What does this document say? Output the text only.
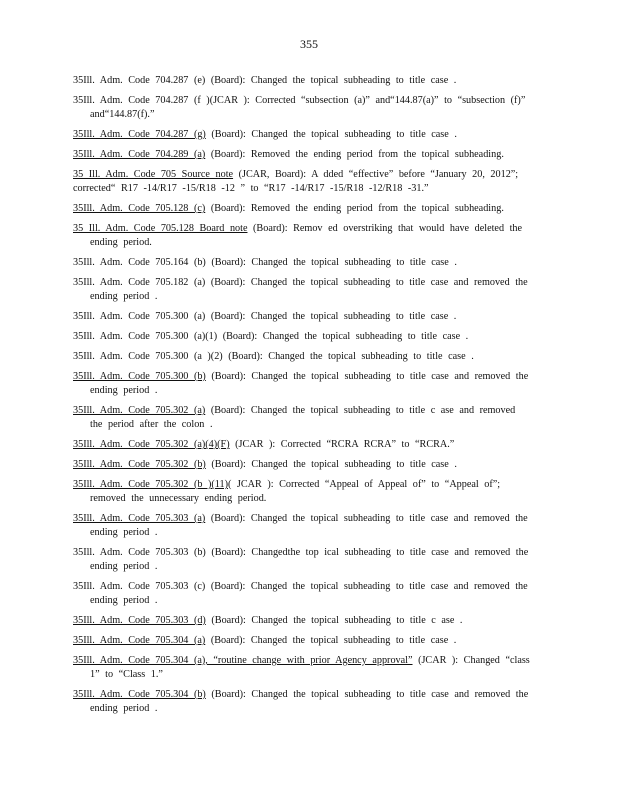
355
35Ill. Adm. Code 704.287 (e) (Board): Changed the topical subheading to title case .
35Ill. Adm. Code 704.287 (f )(JCAR ): Corrected “subsection (a)” and“144.87(a)” to “subsection (f)” and“144.87(f).”
35Ill. Adm. Code 704.287 (g) (Board): Changed the topical subheading to title case .
35Ill. Adm. Code 704.289 (a) (Board): Removed the ending period from the topical subheading.
35 Ill. Adm. Code 705 Source note (JCAR, Board): A dded “effective” before “January 20, 2012”; corrected“ R17 -14/R17 -15/R18 -12 ” to “R17 -14/R17 -15/R18 -12/R18 -31.”
35Ill. Adm. Code 705.128 (c) (Board): Removed the ending period from the topical subheading.
35 Ill. Adm. Code 705.128 Board note (Board): Remov ed overstriking that would have deleted the ending period.
35Ill. Adm. Code 705.164 (b) (Board): Changed the topical subheading to title case .
35Ill. Adm. Code 705.182 (a) (Board): Changed the topical subheading to title case and removed the ending period .
35Ill. Adm. Code 705.300 (a) (Board): Changed the topical subheading to title case .
35Ill. Adm. Code 705.300 (a)(1) (Board): Changed the topical subheading to title case .
35Ill. Adm. Code 705.300 (a )(2) (Board): Changed the topical subheading to title case .
35Ill. Adm. Code 705.300 (b) (Board): Changed the topical subheading to title case and removed the ending period .
35Ill. Adm. Code 705.302 (a) (Board): Changed the topical subheading to title c ase and removed the period after the colon .
35Ill. Adm. Code 705.302 (a)(4)(F) (JCAR ): Corrected “RCRA RCRA” to “RCRA.”
35Ill. Adm. Code 705.302 (b) (Board): Changed the topical subheading to title case .
35Ill. Adm. Code 705.302 (b )(11)( JCAR ): Corrected “Appeal of Appeal of” to “Appeal of”; removed the unnecessary ending period.
35Ill. Adm. Code 705.303 (a) (Board): Changed the topical subheading to title case and removed the ending period .
35Ill. Adm. Code 705.303 (b) (Board): Changedthe top ical subheading to title case and removed the ending period .
35Ill. Adm. Code 705.303 (c) (Board): Changed the topical subheading to title case and removed the ending period .
35Ill. Adm. Code 705.303 (d) (Board): Changed the topical subheading to title c ase .
35Ill. Adm. Code 705.304 (a) (Board): Changed the topical subheading to title case .
35Ill. Adm. Code 705.304 (a), “routine change with prior Agency approval” (JCAR ): Changed “class 1” to “Class 1.”
35Ill. Adm. Code 705.304 (b) (Board): Changed the topical subheading to title case and removed the ending period .
